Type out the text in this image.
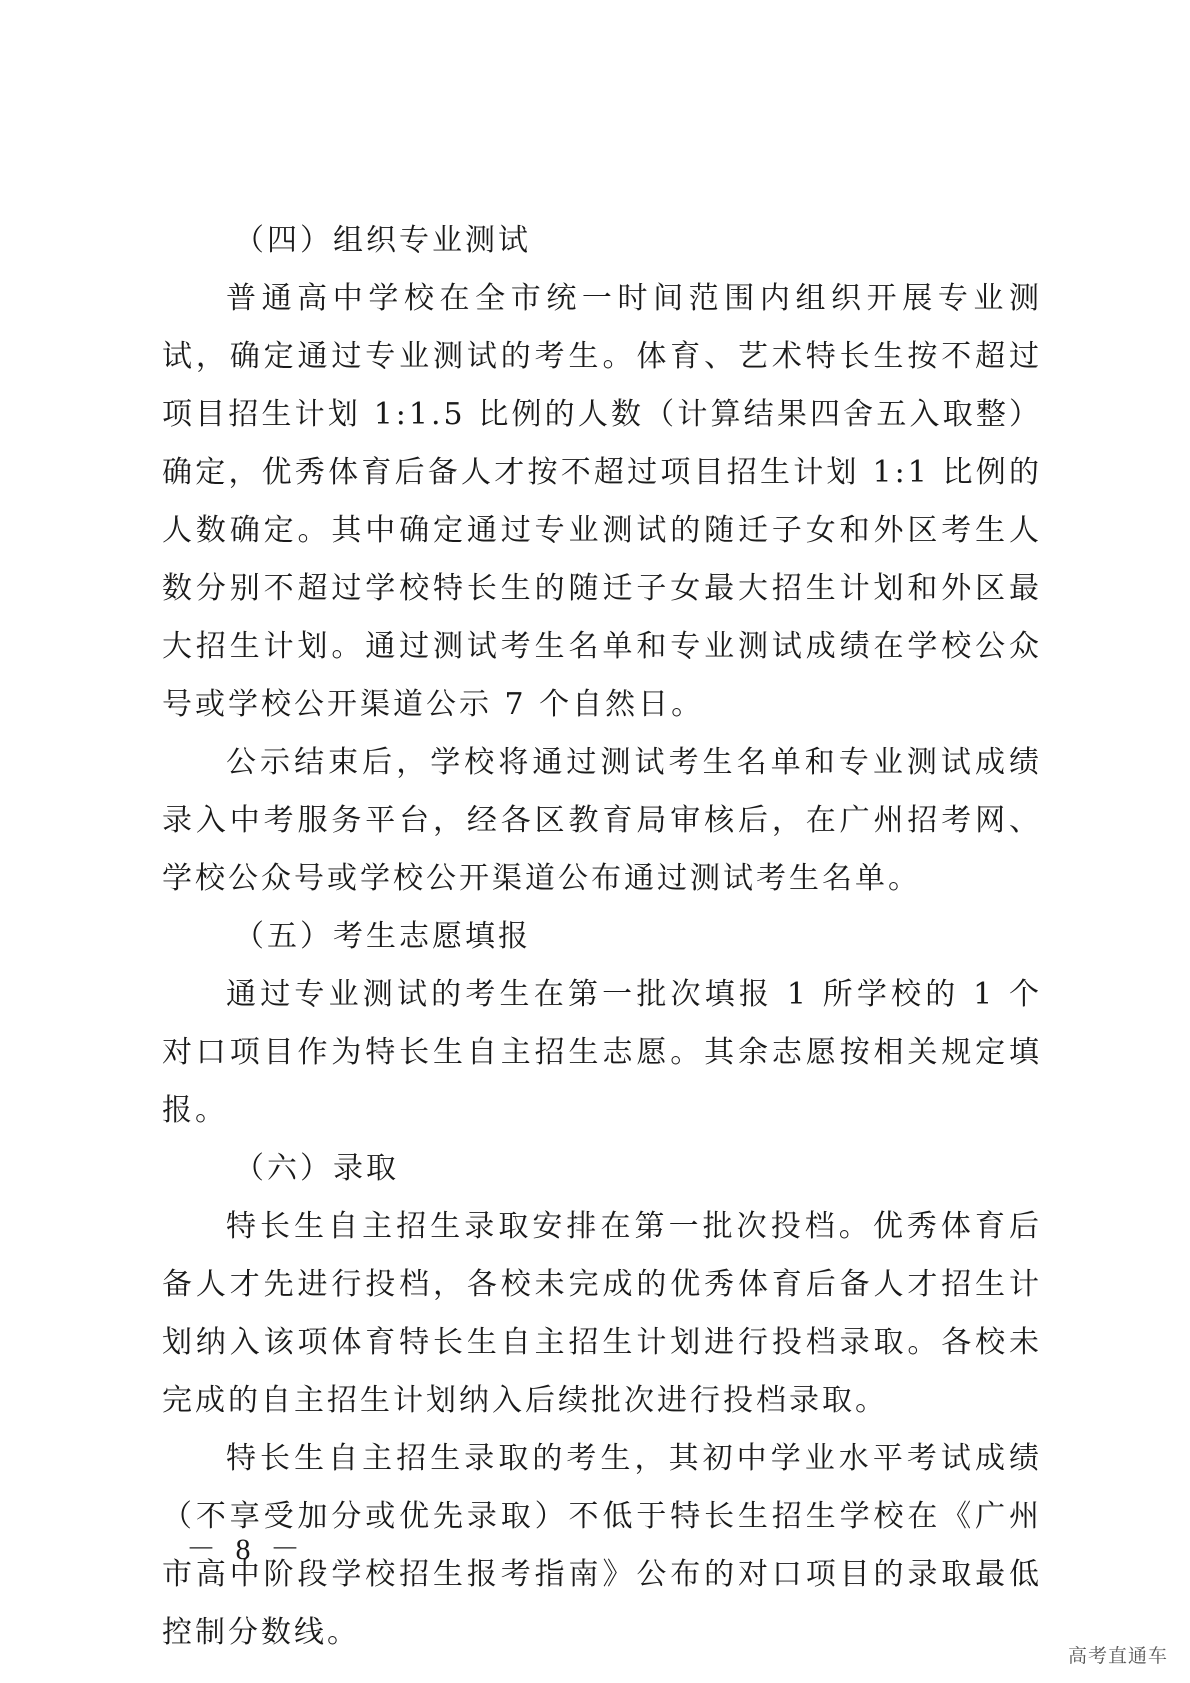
（四）组织专业测试

普通高中学校在全市统一时间范围内组织开展专业测试，确定通过专业测试的考生。体育、艺术特长生按不超过项目招生计划 1:1.5 比例的人数（计算结果四舍五入取整）确定，优秀体育后备人才按不超过项目招生计划 1:1 比例的人数确定。其中确定通过专业测试的随迁子女和外区考生人数分别不超过学校特长生的随迁子女最大招生计划和外区最大招生计划。通过测试考生名单和专业测试成绩在学校公众号或学校公开渠道公示 7 个自然日。

公示结束后，学校将通过测试考生名单和专业测试成绩录入中考服务平台，经各区教育局审核后，在广州招考网、学校公众号或学校公开渠道公布通过测试考生名单。

（五）考生志愿填报

通过专业测试的考生在第一批次填报 1 所学校的 1 个对口项目作为特长生自主招生志愿。其余志愿按相关规定填报。

（六）录取

特长生自主招生录取安排在第一批次投档。优秀体育后备人才先进行投档，各校未完成的优秀体育后备人才招生计划纳入该项体育特长生自主招生计划进行投档录取。各校未完成的自主招生计划纳入后续批次进行投档录取。

特长生自主招生录取的考生，其初中学业水平考试成绩（不享受加分或优先录取）不低于特长生招生学校在《广州市高中阶段学校招生报考指南》公布的对口项目的录取最低控制分数线。

－ 8 －
高考直通车
